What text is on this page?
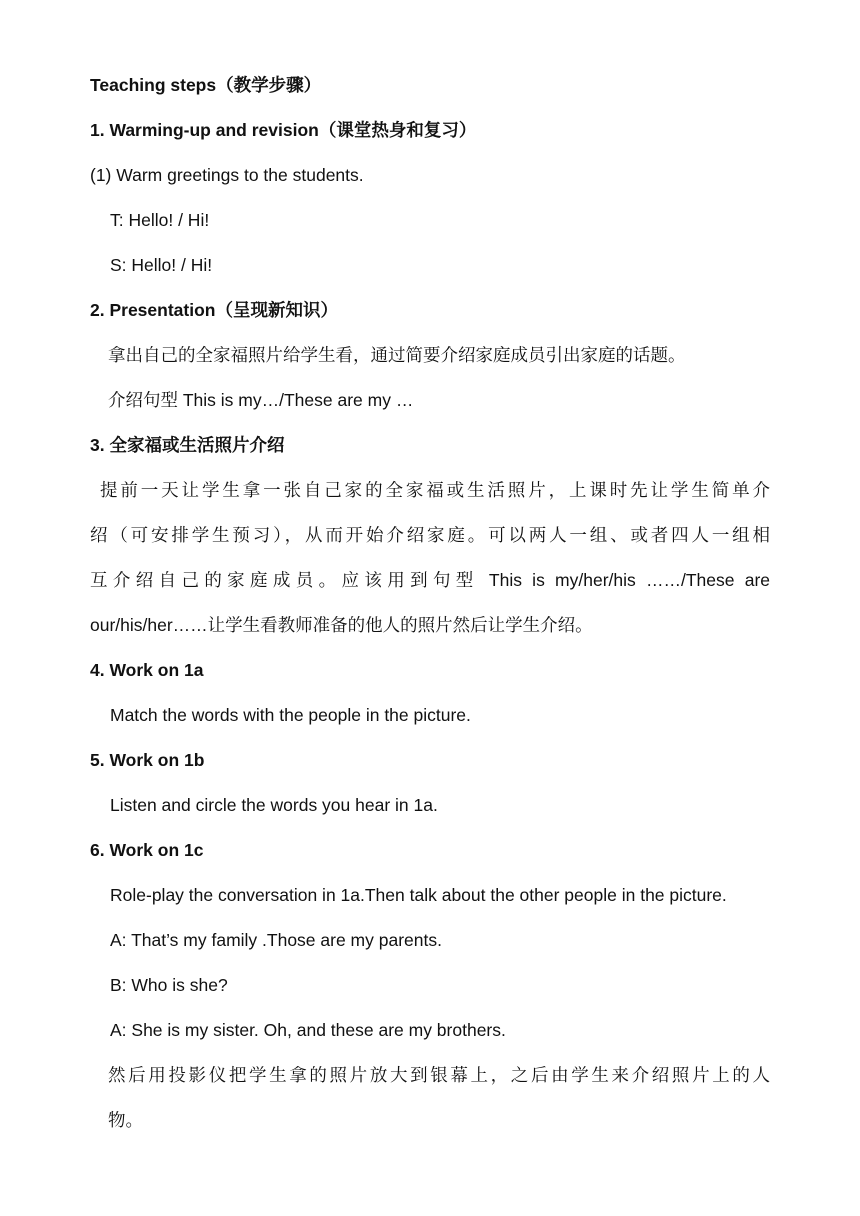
Teaching steps（教学步骤）
1. Warming-up and revision（课堂热身和复习）
(1) Warm greetings to the students.
T: Hello! / Hi!
S: Hello! / Hi!
2. Presentation（呈现新知识）
拿出自己的全家福照片给学生看，通过简要介绍家庭成员引出家庭的话题。
介绍句型 This is my…/These are my …
3. 全家福或生活照片介绍
提前一天让学生拿一张自己家的全家福或生活照片，上课时先让学生简单介
绍（可安排学生预习），从而开始介绍家庭。可以两人一组、或者四人一组相
互介绍自己的家庭成员。应该用到句型 This is my/her/his ……/These are
our/his/her……让学生看教师准备的他人的照片然后让学生介绍。
4. Work on 1a
Match the words with the people in the picture.
5. Work on 1b
Listen and circle the words you hear in 1a.
6. Work on 1c
Role-play the conversation in 1a.Then talk about the other people in the picture.
A: That’s my family .Those are my parents.
B: Who is she?
A: She is my sister. Oh, and these are my brothers.
然后用投影仪把学生拿的照片放大到银幕上，之后由学生来介绍照片上的人
物。
